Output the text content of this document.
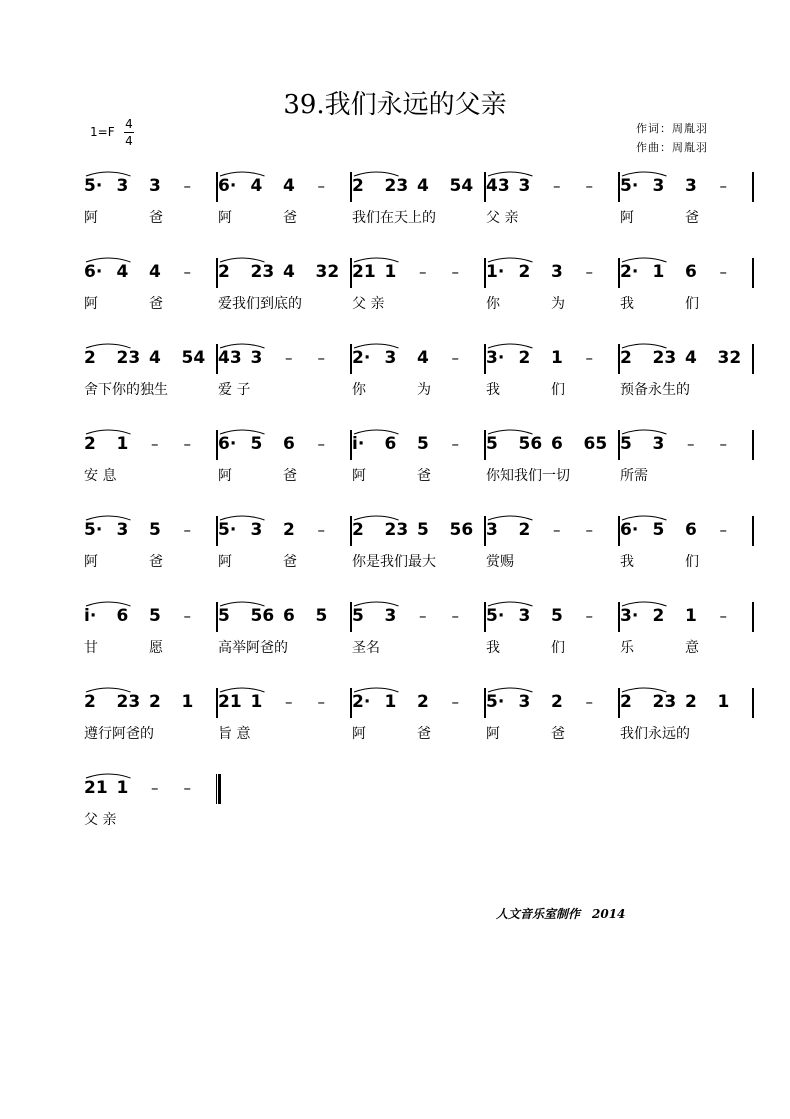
39.我们永远的父亲
1=F
4
4
作词：周胤羽
作曲：周胤羽
5· 3 3 – 6· 4 4 – 2 23 4 54 43 3 – – 5· 3 3 –
阿	爸	阿	爸	我们在天上的	父 亲	阿	爸
6· 4 4 – 2 23 4 32 21 1 – – 1· 2 3 – 2· 1 6 –
阿	爸	爱我们到底的	父 亲	你	为	我	们
2 23 4 54 43 3 – – 2· 3 4 – 3· 2 1 – 2 23 4 32
舍下你的独生	爱 子	你	为	我	们	预备永生的
2 1 – – 6· 5 6 – i· 6 5 – 5 56 6 65 5 3 – –
安 息	阿	爸	阿	爸	你知我们一切	所需
5· 3 5 – 5· 3 2 – 2 23 5 56 3 2 – – 6· 5 6 –
阿	爸	阿	爸	你是我们最大	赏赐	我	们
i· 6 5 – 5 56 6 5 5 3 – – 5· 3 5 – 3· 2 1 –
甘	愿	高举阿爸的	圣名	我	们	乐	意
2 23 2 1 21 1 – – 2· 1 2 – 5· 3 2 – 2 23 2 1
遵行阿爸的	旨 意	阿	爸	阿	爸	我们永远的
21 1 – –
父 亲
人文音乐室制作　2014
